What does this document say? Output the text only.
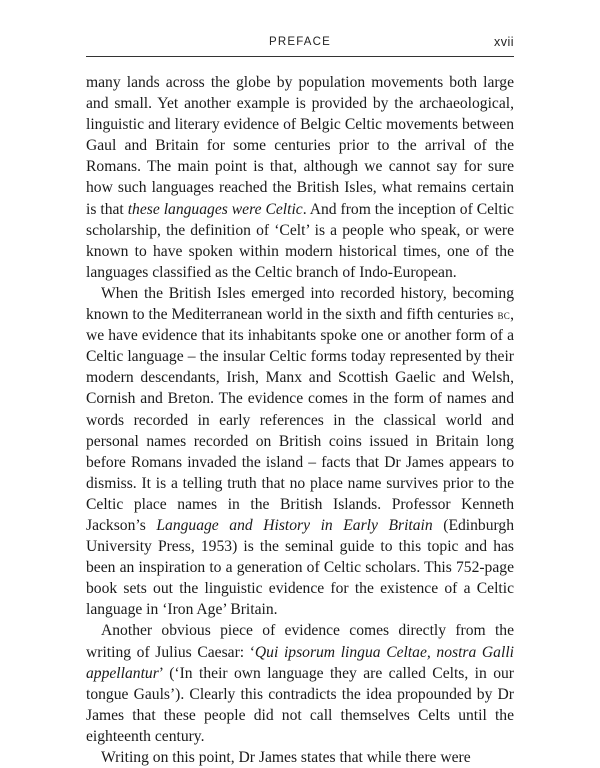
PREFACE	xvii

many lands across the globe by population movements both large and small. Yet another example is provided by the archaeological, linguistic and literary evidence of Belgic Celtic movements between Gaul and Britain for some centuries prior to the arrival of the Romans. The main point is that, although we cannot say for sure how such languages reached the British Isles, what remains certain is that these languages were Celtic. And from the inception of Celtic scholarship, the definition of ‘Celt’ is a people who speak, or were known to have spoken within modern historical times, one of the languages classified as the Celtic branch of Indo-European.

When the British Isles emerged into recorded history, becoming known to the Mediterranean world in the sixth and fifth centuries bc, we have evidence that its inhabitants spoke one or another form of a Celtic language – the insular Celtic forms today represented by their modern descendants, Irish, Manx and Scottish Gaelic and Welsh, Cornish and Breton. The evidence comes in the form of names and words recorded in early references in the classical world and personal names recorded on British coins issued in Britain long before Romans invaded the island – facts that Dr James appears to dismiss. It is a telling truth that no place name survives prior to the Celtic place names in the British Islands. Professor Kenneth Jackson’s Language and History in Early Britain (Edinburgh University Press, 1953) is the seminal guide to this topic and has been an inspiration to a generation of Celtic scholars. This 752-page book sets out the linguistic evidence for the existence of a Celtic language in ‘Iron Age’ Britain.

Another obvious piece of evidence comes directly from the writing of Julius Caesar: ‘Qui ipsorum lingua Celtae, nostra Galli appellantur’ (‘In their own language they are called Celts, in our tongue Gauls’). Clearly this contradicts the idea propounded by Dr James that these people did not call themselves Celts until the eighteenth century.

Writing on this point, Dr James states that while there were
